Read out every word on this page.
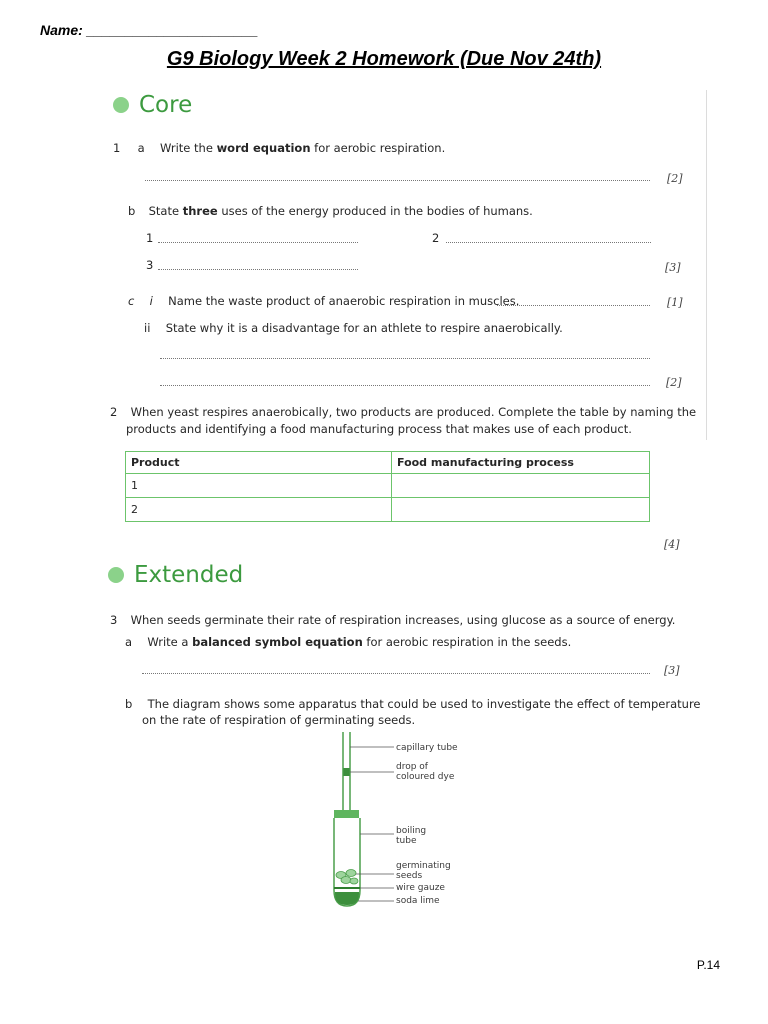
Name: ______________________
G9 Biology Week 2 Homework (Due Nov 24th)
Core
1 a Write the word equation for aerobic respiration.
[2]
b State three uses of the energy produced in the bodies of humans.
1	2
3	[3]
c i Name the waste product of anaerobic respiration in muscles.	[1]
ii State why it is a disadvantage for an athlete to respire anaerobically.
[2]
2 When yeast respires anaerobically, two products are produced. Complete the table by naming the
products and identifying a food manufacturing process that makes use of each product.
Product	Food manufacturing process
1	
2	
[4]
Extended
3 When seeds germinate their rate of respiration increases, using glucose as a source of energy.
a Write a balanced symbol equation for aerobic respiration in the seeds.
[3]
b The diagram shows some apparatus that could be used to investigate the effect of temperature
on the rate of respiration of germinating seeds.
capillary tube
drop of
coloured dye
boiling
tube
germinating
seeds
wire gauze
soda lime
P.14
